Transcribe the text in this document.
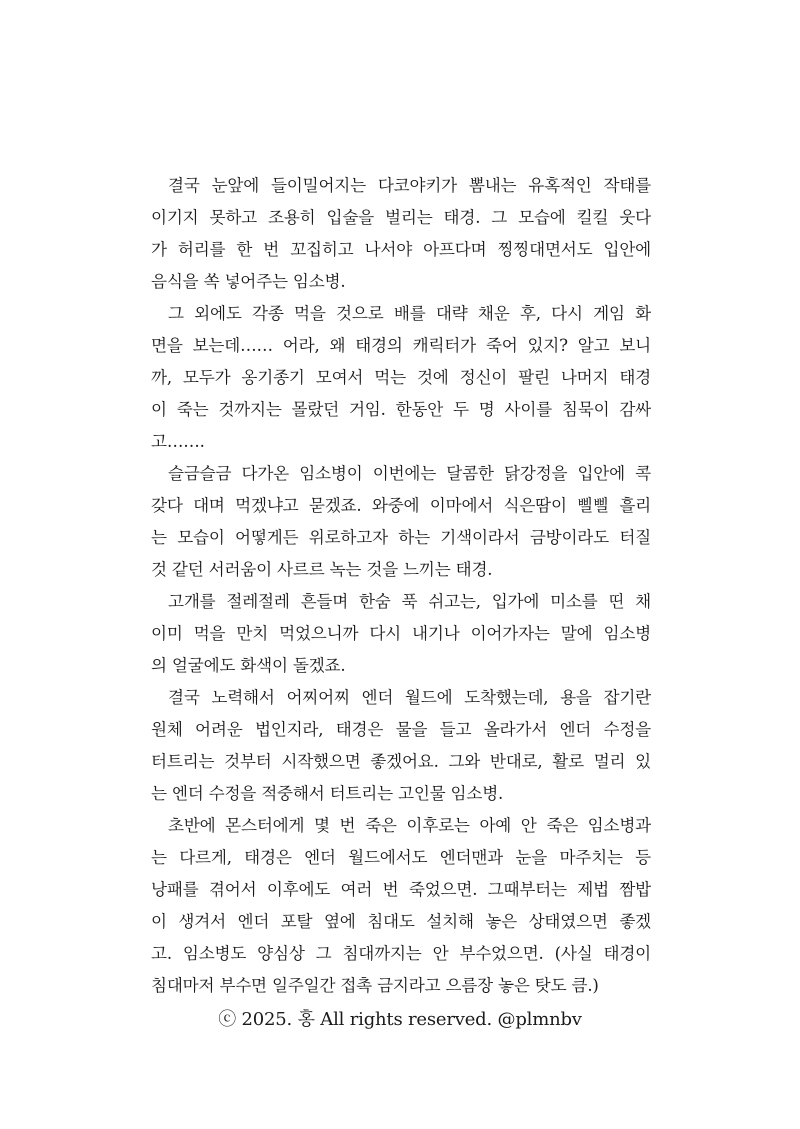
결국 눈앞에 들이밀어지는 다코야키가 뽐내는 유혹적인 작태를
이기지 못하고 조용히 입술을 벌리는 태경. 그 모습에 킬킬 웃다
가 허리를 한 번 꼬집히고 나서야 아프다며 찡찡대면서도 입안에
음식을 쏙 넣어주는 임소병.
그 외에도 각종 먹을 것으로 배를 대략 채운 후, 다시 게임 화
면을 보는데…… 어라, 왜 태경의 캐릭터가 죽어 있지? 알고 보니
까, 모두가 옹기종기 모여서 먹는 것에 정신이 팔린 나머지 태경
이 죽는 것까지는 몰랐던 거임. 한동안 두 명 사이를 침묵이 감싸
고…….
슬금슬금 다가온 임소병이 이번에는 달콤한 닭강정을 입안에 콕
갖다 대며 먹겠냐고 묻겠죠. 와중에 이마에서 식은땀이 삘삘 흘리
는 모습이 어떻게든 위로하고자 하는 기색이라서 금방이라도 터질
것 같던 서러움이 사르르 녹는 것을 느끼는 태경.
고개를 절레절레 흔들며 한숨 푹 쉬고는, 입가에 미소를 띤 채
이미 먹을 만치 먹었으니까 다시 내기나 이어가자는 말에 임소병
의 얼굴에도 화색이 돌겠죠.
결국 노력해서 어찌어찌 엔더 월드에 도착했는데, 용을 잡기란
원체 어려운 법인지라, 태경은 물을 들고 올라가서 엔더 수정을
터트리는 것부터 시작했으면 좋겠어요. 그와 반대로, 활로 멀리 있
는 엔더 수정을 적중해서 터트리는 고인물 임소병.
초반에 몬스터에게 몇 번 죽은 이후로는 아예 안 죽은 임소병과
는 다르게, 태경은 엔더 월드에서도 엔더맨과 눈을 마주치는 등
낭패를 겪어서 이후에도 여러 번 죽었으면. 그때부터는 제법 짬밥
이 생겨서 엔더 포탈 옆에 침대도 설치해 놓은 상태였으면 좋겠
고. 임소병도 양심상 그 침대까지는 안 부수었으면. (사실 태경이
침대마저 부수면 일주일간 접촉 금지라고 으름장 놓은 탓도 큼.)
ⓒ 2025. 홍 All rights reserved. @plmnbv
